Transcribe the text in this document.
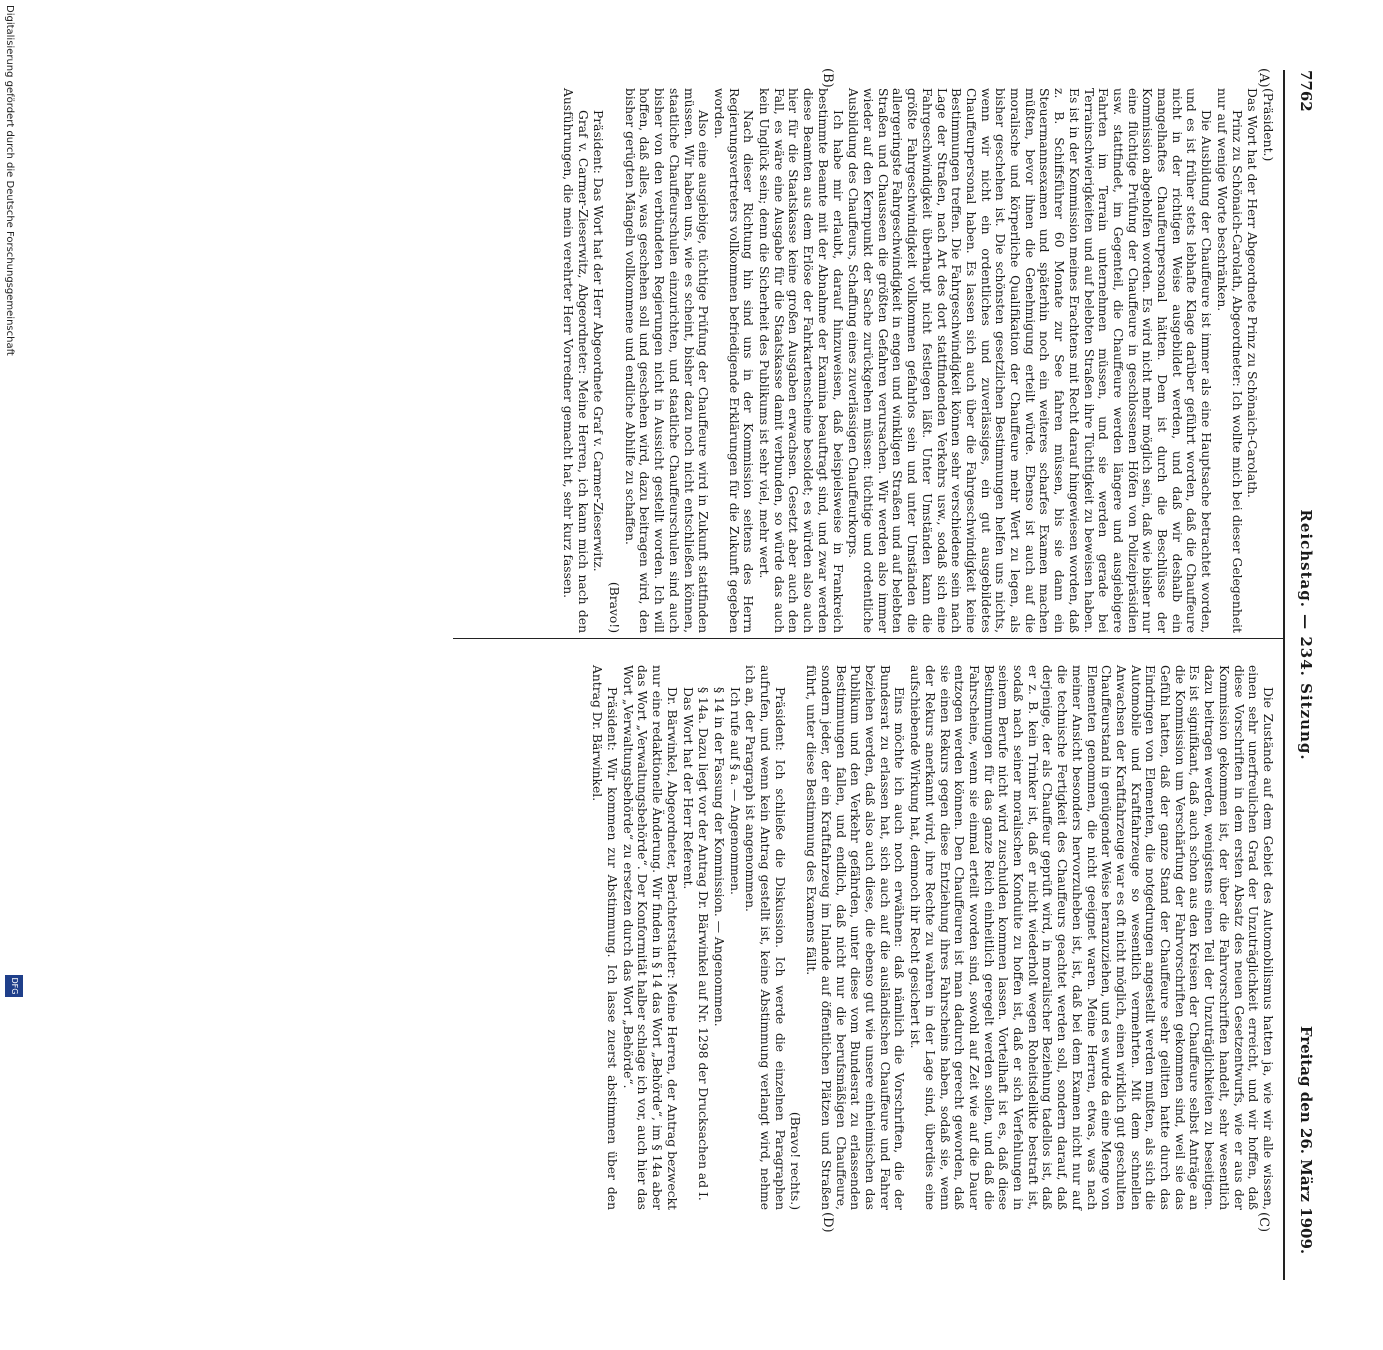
7762
Reichstag. — 234. Sitzung.
Freitag den 26. März 1909.
(A)
(B)
(C)
(D)

(Präsident.)

Das Wort hat der Herr Abgeordnete Prinz zu Schönaich-Carolath.

Prinz zu Schönaich-Carolath, Abgeordneter: Ich wollte mich bei dieser Gelegenheit nur auf wenige Worte beschränken.

Die Ausbildung der Chauffeure ist immer als eine Hauptsache betrachtet worden, und es ist früher stets lebhafte Klage darüber geführt worden, daß die Chauffeure nicht in der richtigen Weise ausgebildet werden, und daß wir deshalb ein mangelhaftes Chauffeurpersonal hätten. Dem ist durch die Beschlüsse der Kommission abgeholfen worden. Es wird nicht mehr möglich sein, daß wie bisher nur eine flüchtige Prüfung der Chauffeure in geschlossenen Höfen von Polizeipräsidien usw. stattfindet, im Gegenteil, die Chauffeure werden längere und ausgiebigere Fahrten im Terrain unternehmen müssen, und sie werden gerade bei Terrainschwierigkeiten und auf belebten Straßen ihre Tüchtigkeit zu beweisen haben. Es ist in der Kommission meines Erachtens mit Recht darauf hingewiesen worden, daß z. B. Schiffsführer 60 Monate zur See fahren müssen, bis sie dann ein Steuermannsexamen und späterhin noch ein weiteres scharfes Examen machen müßten, bevor ihnen die Genehmigung erteilt würde. Ebenso ist auch auf die moralische und körperliche Qualifikation der Chauffeure mehr Wert zu legen, als bisher geschehen ist. Die schönsten gesetzlichen Bestimmungen helfen uns nichts, wenn wir nicht ein ordentliches und zuverlässiges, ein gut ausgebildetes Chauffeurpersonal haben. Es lassen sich auch über die Fahrgeschwindigkeit keine Bestimmungen treffen. Die Fahrgeschwindigkeit können sehr verschiedene sein nach Lage der Straßen, nach Art des dort stattfindenden Verkehrs usw., sodaß sich eine Fahrgeschwindigkeit überhaupt nicht festlegen läßt. Unter Umständen kann die größte Fahrgeschwindigkeit vollkommen gefahrlos sein und unter Umständen die allergeringste Fahrgeschwindigkeit in engen und winkligen Straßen und auf belebten Straßen und Chausseen die größten Gefahren verursachen. Wir werden also immer wieder auf den Kernpunkt der Sache zurückgehen müssen: tüchtige und ordentliche Ausbildung des Chauffeurs, Schaffung eines zuverlässigen Chauffeurkorps.

Ich habe mir erlaubt, darauf hinzuweisen, daß beispielsweise in Frankreich bestimmte Beamte mit der Abnahme der Examina beauftragt sind, und zwar werden diese Beamten aus dem Erlöse der Fahrkartenscheine besoldet; es würden also auch hier für die Staatskasse keine großen Ausgaben erwachsen. Gesetzt aber auch den Fall, es wäre eine Ausgabe für die Staatskasse damit verbunden, so würde das auch kein Unglück sein; denn die Sicherheit des Publikums ist sehr viel, mehr wert.

Nach dieser Richtung hin sind uns in der Kommission seitens des Herrn Regierungsvertreters vollkommen befriedigende Erklärungen für die Zukunft gegeben worden.

Also eine ausgiebige, tüchtige Prüfung der Chauffeure wird in Zukunft stattfinden müssen. Wir haben uns, wie es scheint, bisher dazu noch nicht entschließen können, staatliche Chauffeurschulen einzurichten, und staatliche Chauffeurschulen sind auch bisher von den verbündeten Regierungen nicht in Aussicht gestellt worden. Ich will hoffen, daß alles, was geschehen soll und geschehen wird, dazu beitragen wird, den bisher gerügten Mängeln vollkommene und endliche Abhilfe zu schaffen.

(Bravo!)

Präsident: Das Wort hat der Herr Abgeordnete Graf v. Carmer-Zieserwitz.

Graf v. Carmer-Zieserwitz, Abgeordneter: Meine Herren, ich kann mich nach den Ausführungen, die mein verehrter Herr Vorredner gemacht hat, sehr kurz fassen.

Die Zustände auf dem Gebiet des Automobilismus hatten ja, wie wir alle wissen, einen sehr unerfreulichen Grad der Unzuträglichkeit erreicht, und wir hoffen, daß diese Vorschriften in dem ersten Absatz des neuen Gesetzentwurfs, wie er aus der Kommission gekommen ist, der über die Fahrvorschriften handelt, sehr wesentlich dazu beitragen werden, wenigstens einen Teil der Unzuträglichkeiten zu beseitigen. Es ist signifikant, daß auch schon aus den Kreisen der Chauffeure selbst Anträge an die Kommission um Verschärfung der Fahrvorschriften gekommen sind, weil sie das Gefühl hatten, daß der ganze Stand der Chauffeure sehr gelitten hatte durch das Eindringen von Elementen, die notgedrungen angestellt werden mußten, als sich die Automobile und Kraftfahrzeuge so wesentlich vermehrten. Mit dem schnellen Anwachsen der Kraftfahrzeuge war es oft nicht möglich, einen wirklich gut geschulten Chauffeurstand in genügender Weise heranzuziehen, und es wurde da eine Menge von Elementen genommen, die nicht geeignet waren. Meine Herren, etwas, was nach meiner Ansicht besonders hervorzuheben ist, ist, daß bei dem Examen nicht nur auf die technische Fertigkeit des Chauffeurs geachtet werden soll, sondern darauf, daß derjenige, der als Chauffeur geprüft wird, in moralischer Beziehung tadellos ist, daß er z. B. kein Trinker ist, daß er nicht wiederholt wegen Roheitsdelikte bestraft ist, sodaß nach seiner moralischen Konduite zu hoffen ist, daß er sich Verfehlungen in seinem Berufe nicht wird zuschulden kommen lassen. Vorteilhaft ist es, daß diese Bestimmungen für das ganze Reich einheitlich geregelt werden sollen, und daß die Fahrscheine, wenn sie einmal erteilt worden sind, sowohl auf Zeit wie auf die Dauer entzogen werden können. Den Chauffeuren ist man dadurch gerecht geworden, daß sie einen Rekurs gegen diese Entziehung ihres Fahrscheins haben, sodaß sie, wenn der Rekurs anerkannt wird, ihre Rechte zu wahren in der Lage sind, überdies eine aufschiebende Wirkung hat, demnoch ihr Recht gesichert ist.

Eins möchte ich auch noch erwähnen: daß nämlich die Vorschriften, die der Bundesrat zu erlassen hat, sich auch auf die ausländischen Chauffeure und Fahrer beziehen werden, daß also auch diese, die ebenso gut wie unsere einheimischen das Publikum und den Verkehr gefährden, unter diese vom Bundesrat zu erlassenden Bestimmungen fallen, und endlich, daß nicht nur die berufsmäßigen Chauffeure, sondern jeder, der ein Kraftfahrzeug im Inlande auf öffentlichen Plätzen und Straßen führt, unter diese Bestimmung des Examens fällt.

(Bravo! rechts.)

Präsident: Ich schließe die Diskussion. Ich werde die einzelnen Paragraphen aufrufen, und wenn kein Antrag gestellt ist, keine Abstimmung verlangt wird, nehme ich an, der Paragraph ist angenommen.

Ich rufe auf § a. — Angenommen.

§ 14 in der Fassung der Kommission. — Angenommen.

§ 14a. Dazu liegt vor der Antrag Dr. Bärwinkel auf Nr. 1298 der Drucksachen ad I.

Das Wort hat der Herr Referent.

Dr. Bärwinkel, Abgeordneter, Berichterstatter: Meine Herren, der Antrag bezweckt nur eine redaktionelle Änderung. Wir finden in § 14 das Wort „Behörde“, im § 14a aber das Wort „Verwaltungsbehörde“. Der Konformität halber schlage ich vor, auch hier das Wort „Verwaltungsbehörde“ zu ersetzen durch das Wort „Behörde“.

Präsident: Wir kommen zur Abstimmung. Ich lasse zuerst abstimmen über den Antrag Dr. Bärwinkel.

Digitalisierung gefördert durch die Deutsche Forschungsgemeinschaft
DFG
